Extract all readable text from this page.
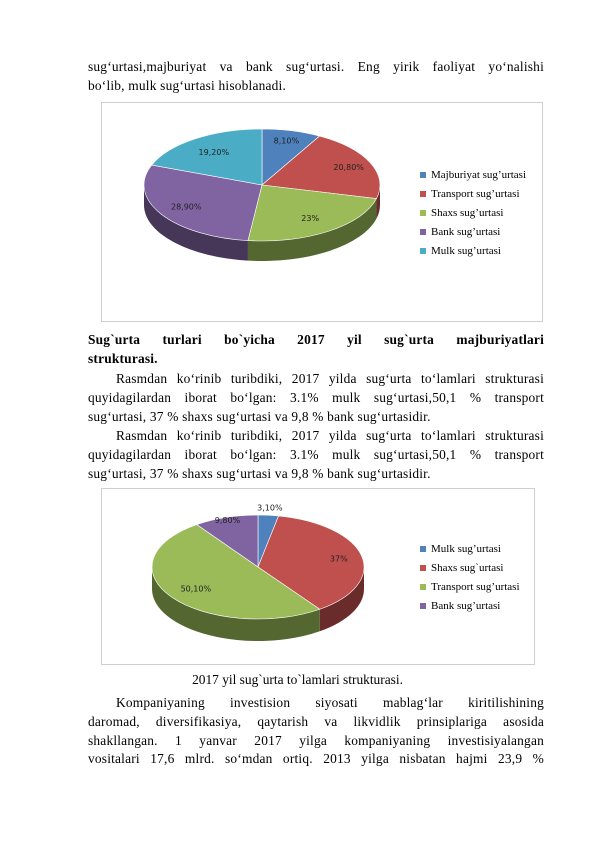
sug‘urtasi,majburiyat va bank sug‘urtasi. Eng yirik faoliyat yo‘nalishi
bo‘lib, mulk sug‘urtasi hisoblanadi.
8,10%
20,80%
23%
28,90%
19,20%
Majburiyat sug’urtasi
Transport sug’urtasi
Shaxs sug’urtasi
Bank sug’urtasi
Mulk sug’urtasi
Sug`urta turlari bo`yicha 2017 yil sug`urta majburiyatlari
strukturasi.
Rasmdan ko‘rinib turibdiki, 2017 yilda sug‘urta to‘lamlari strukturasi
quyidagilardan iborat bo‘lgan: 3.1% mulk sug‘urtasi,50,1 % transport
sug‘urtasi, 37 % shaxs sug‘urtasi va 9,8 % bank sug‘urtasidir.
Rasmdan ko‘rinib turibdiki, 2017 yilda sug‘urta to‘lamlari strukturasi
quyidagilardan iborat bo‘lgan: 3.1% mulk sug‘urtasi,50,1 % transport
sug‘urtasi, 37 % shaxs sug‘urtasi va 9,8 % bank sug‘urtasidir.
3,10%
37%
50,10%
9,80%
Mulk sug’urtasi
Shaxs sug`urtasi
Transport sug’urtasi
Bank sug’urtasi
2017 yil sug`urta to`lamlari strukturasi.
Kompaniyaning investision siyosati mablag‘lar kiritilishining
daromad, diversifikasiya, qaytarish va likvidlik prinsiplariga asosida
shakllangan. 1 yanvar 2017 yilga kompaniyaning investisiyalangan
vositalari 17,6 mlrd. so‘mdan ortiq. 2013 yilga nisbatan hajmi 23,9 %
